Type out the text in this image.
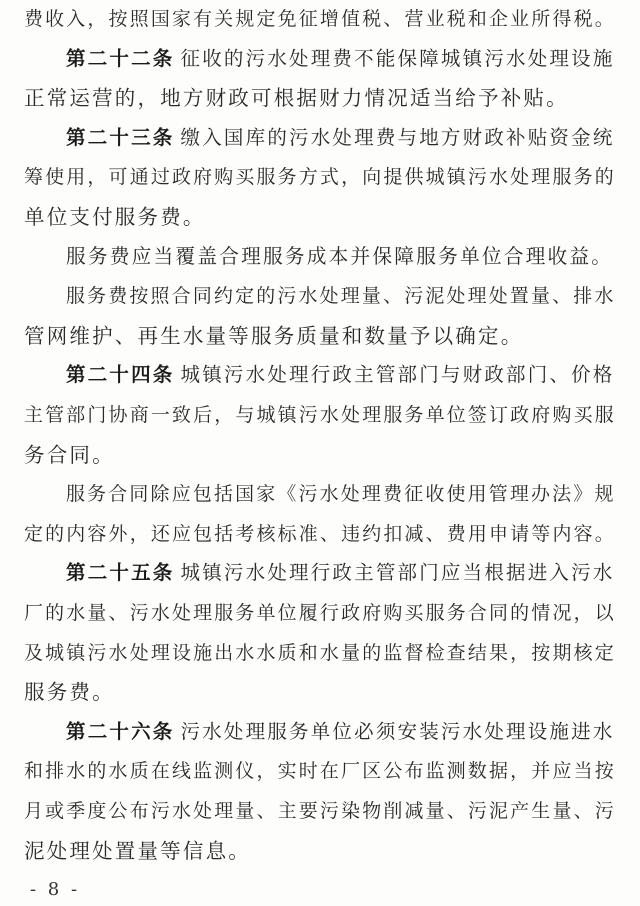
费收入，按照国家有关规定免征增值税、营业税和企业所得税。
第二十二条 征收的污水处理费不能保障城镇污水处理设施
正常运营的，地方财政可根据财力情况适当给予补贴。
第二十三条 缴入国库的污水处理费与地方财政补贴资金统
筹使用，可通过政府购买服务方式，向提供城镇污水处理服务的
单位支付服务费。
服务费应当覆盖合理服务成本并保障服务单位合理收益。
服务费按照合同约定的污水处理量、污泥处理处置量、排水
管网维护、再生水量等服务质量和数量予以确定。
第二十四条 城镇污水处理行政主管部门与财政部门、价格
主管部门协商一致后，与城镇污水处理服务单位签订政府购买服
务合同。
服务合同除应包括国家《污水处理费征收使用管理办法》规
定的内容外，还应包括考核标准、违约扣减、费用申请等内容。
第二十五条 城镇污水处理行政主管部门应当根据进入污水
厂的水量、污水处理服务单位履行政府购买服务合同的情况，以
及城镇污水处理设施出水水质和水量的监督检查结果，按期核定
服务费。
第二十六条 污水处理服务单位必须安装污水处理设施进水
和排水的水质在线监测仪，实时在厂区公布监测数据，并应当按
- 8 -
月或季度公布污水处理量、主要污染物削减量、污泥产生量、污
泥处理处置量等信息。
